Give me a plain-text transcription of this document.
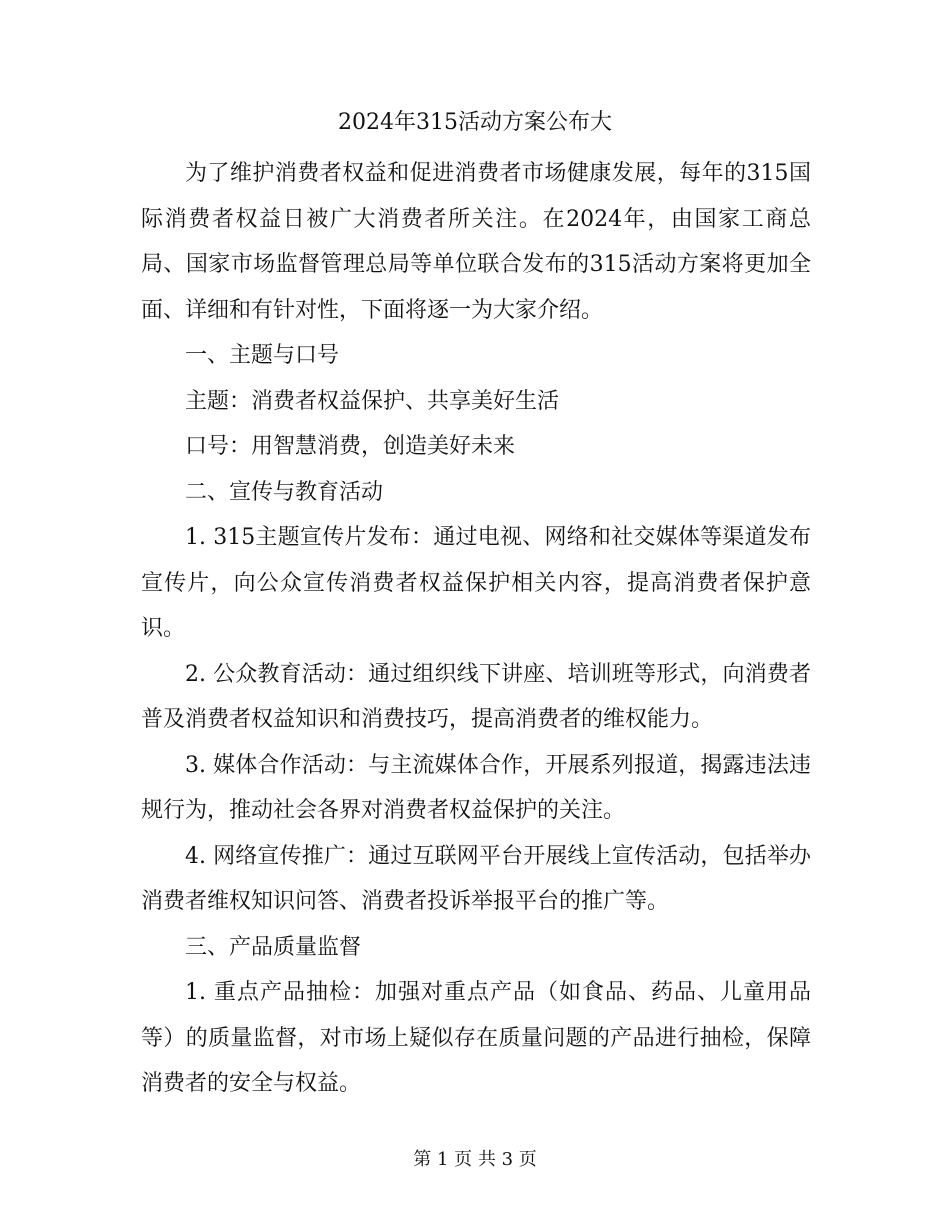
2024年315活动方案公布大

为了维护消费者权益和促进消费者市场健康发展，每年的315国际消费者权益日被广大消费者所关注。在2024年，由国家工商总局、国家市场监督管理总局等单位联合发布的315活动方案将更加全面、详细和有针对性，下面将逐一为大家介绍。

一、主题与口号

主题：消费者权益保护、共享美好生活

口号：用智慧消费，创造美好未来

二、宣传与教育活动

1. 315主题宣传片发布：通过电视、网络和社交媒体等渠道发布宣传片，向公众宣传消费者权益保护相关内容，提高消费者保护意识。

2. 公众教育活动：通过组织线下讲座、培训班等形式，向消费者普及消费者权益知识和消费技巧，提高消费者的维权能力。

3. 媒体合作活动：与主流媒体合作，开展系列报道，揭露违法违规行为，推动社会各界对消费者权益保护的关注。

4. 网络宣传推广：通过互联网平台开展线上宣传活动，包括举办消费者维权知识问答、消费者投诉举报平台的推广等。

三、产品质量监督

1. 重点产品抽检：加强对重点产品（如食品、药品、儿童用品等）的质量监督，对市场上疑似存在质量问题的产品进行抽检，保障消费者的安全与权益。

第 1 页 共 3 页
